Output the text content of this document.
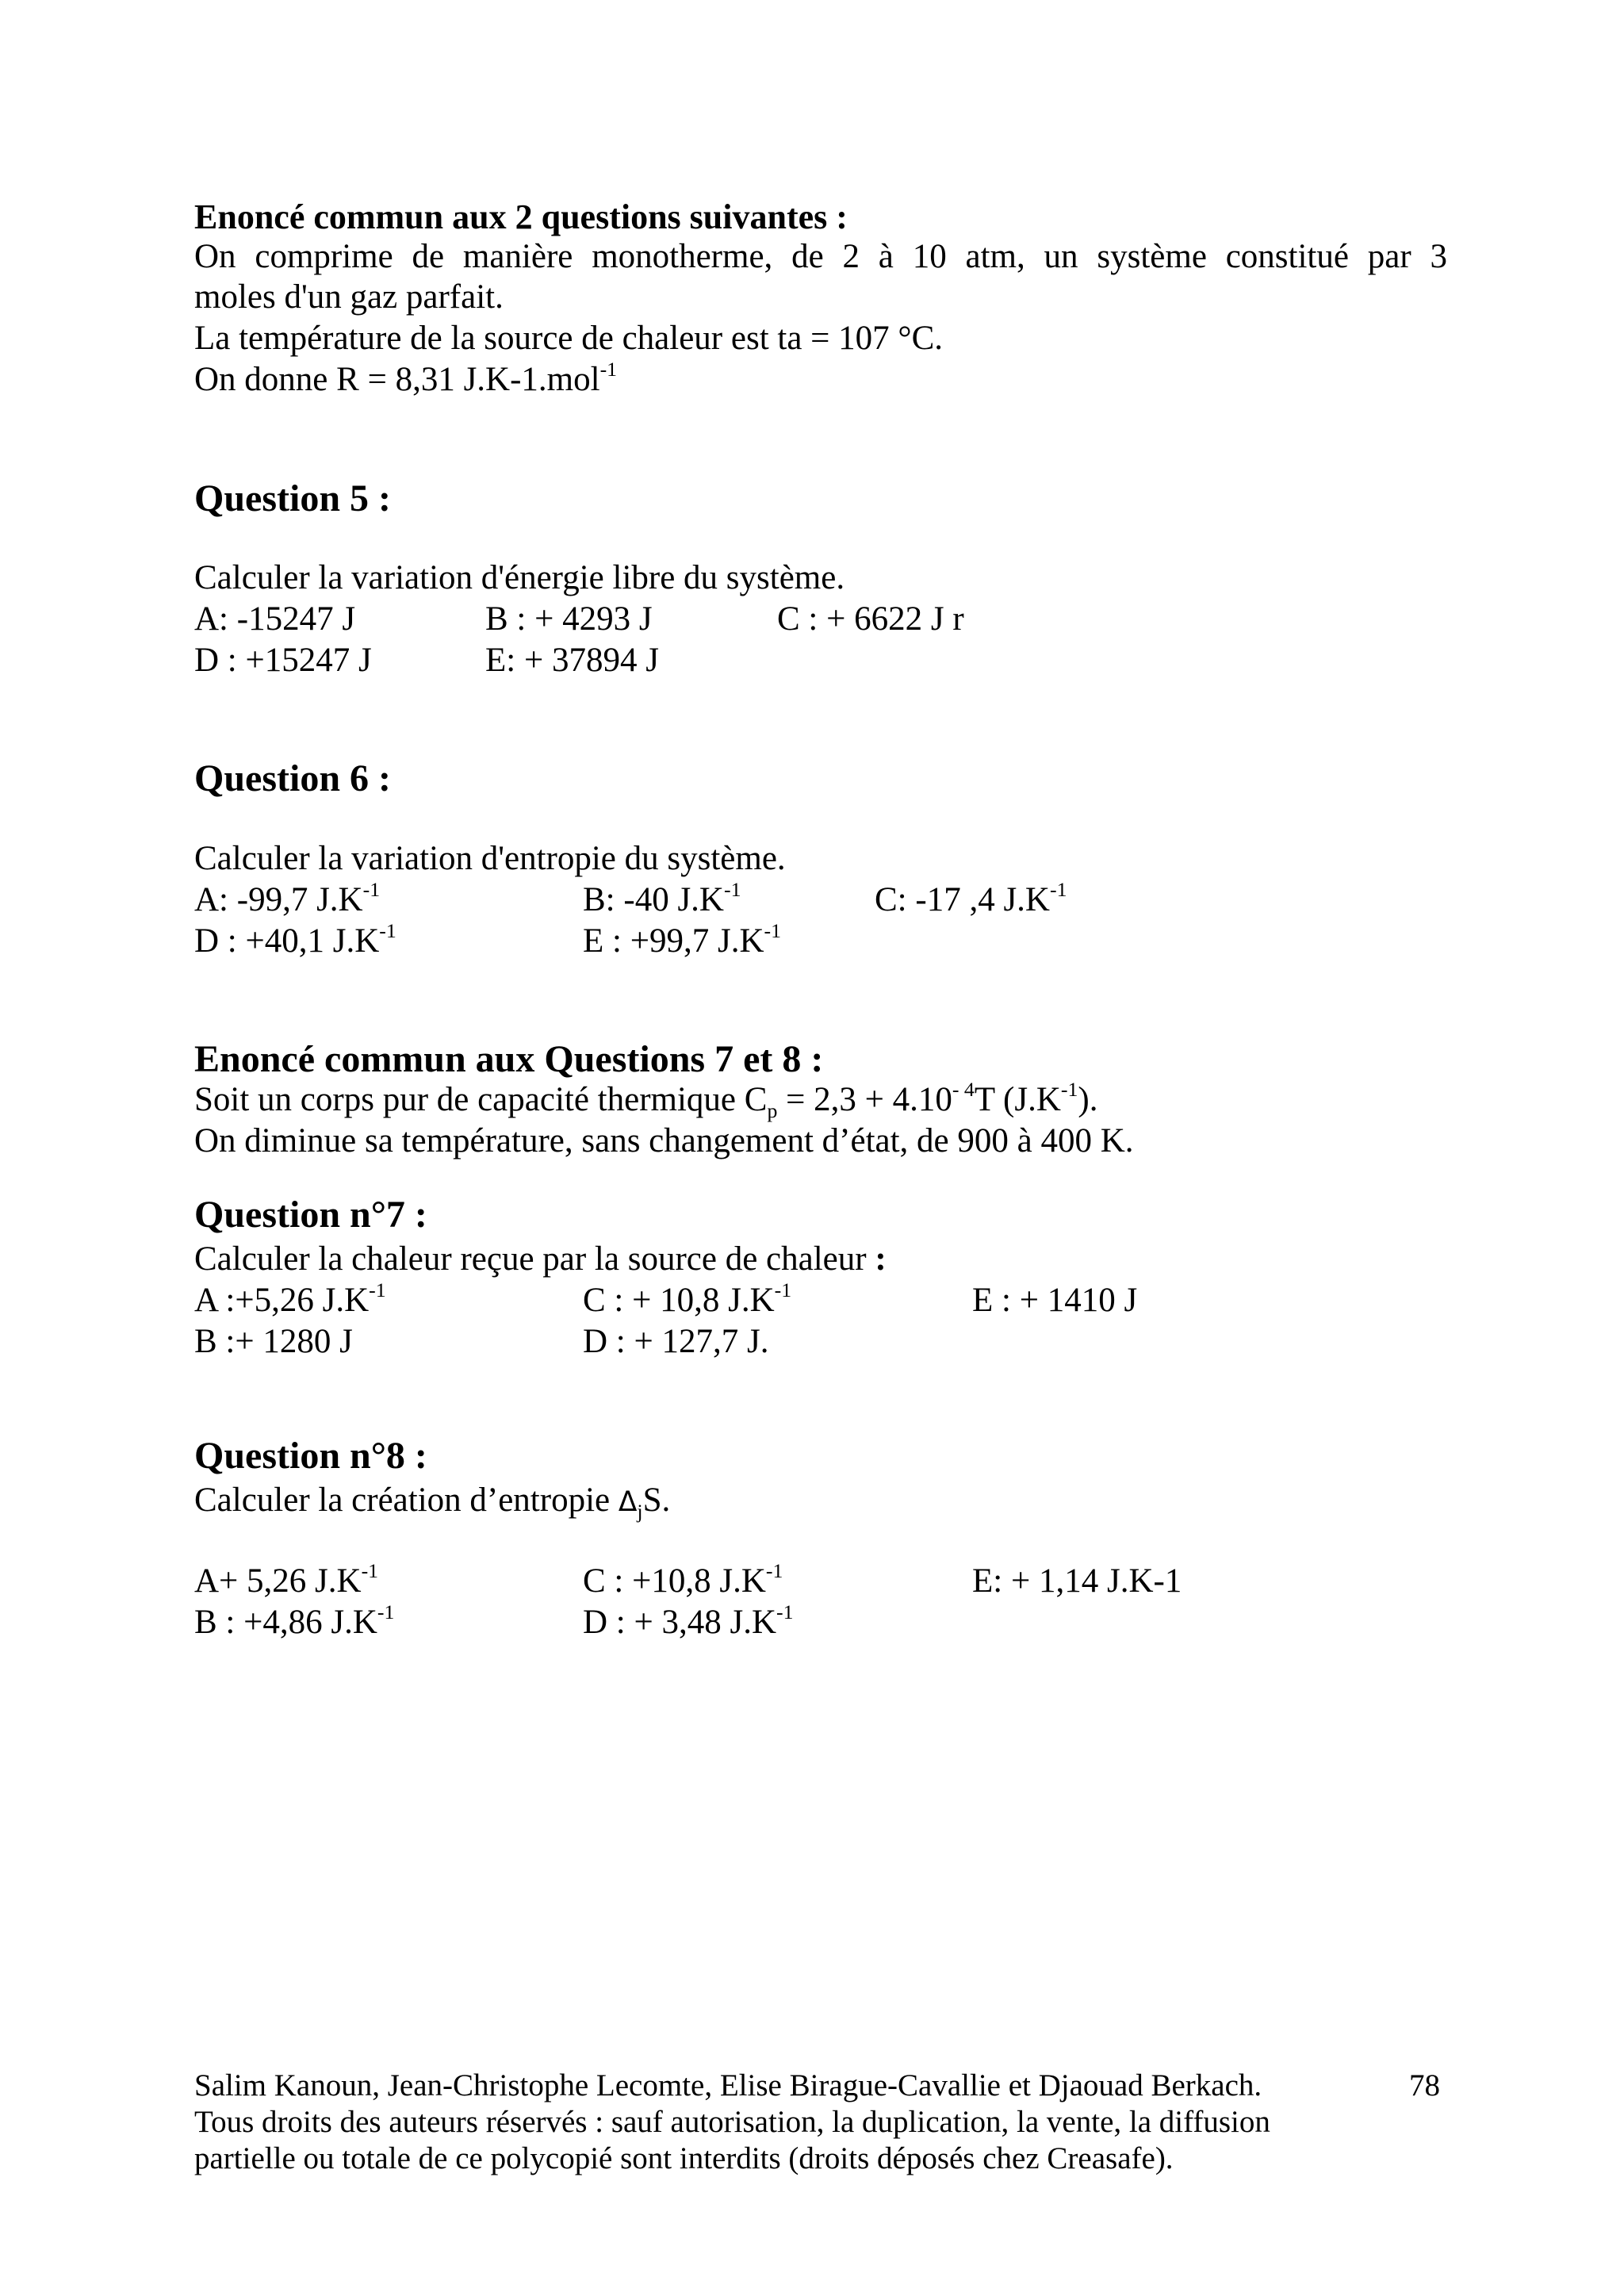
Enoncé commun aux 2 questions suivantes :
On comprime de manière monotherme, de 2 à 10 atm, un système constitué par 3
moles d'un gaz parfait.
La température de la source de chaleur est ta = 107 °C.
On donne R = 8,31 J.K-1.mol$^{-1}$
Question 5 :
Calculer la variation d'énergie libre du système.
A: -15247 J	B : + 4293 J	C : + 6622 J r
D : +15247 J	E: + 37894 J
Question 6 :
Calculer la variation d'entropie du système.
A: -99,7 $J.K^{-1}$	B: -40 $J.K^{-1}$	C: -17 ,4 $J.K^{-1}$
D : +40,1 $J.K^{-1}$	E : +99,7 $J.K^{-1}$
Enoncé commun aux Questions 7 et 8 :
Soit un corps pur de capacité thermique $C_p = 2,3 + 4.10^{- 4}T$ $(J.K^{-1})$.
On diminue sa température, sans changement d’état, de 900 à 400 K.
Question n°7 :
Calculer la chaleur reçue par la source de chaleur :
A :+5,26 $J.K^{-1}$	C : + 10,8 $J.K^{-1}$	E : + 1410 J
B :+ 1280 J	D : + 127,7 J.
Question n°8 :
Calculer la création d’entropie $\Delta_jS$.
A+ 5,26 $J.K^{-1}$	C : +10,8 $J.K^{-1}$	E: + 1,14 J.K-1
B : +4,86 $J.K^{-1}$	D : + 3,48 $J.K^{-1}$
Salim Kanoun, Jean-Christophe Lecomte, Elise Birague-Cavallie et Djaouad Berkach.	78
Tous droits des auteurs réservés : sauf autorisation, la duplication, la vente, la diffusion
partielle ou totale de ce polycopié sont interdits (droits déposés chez Creasafe).
